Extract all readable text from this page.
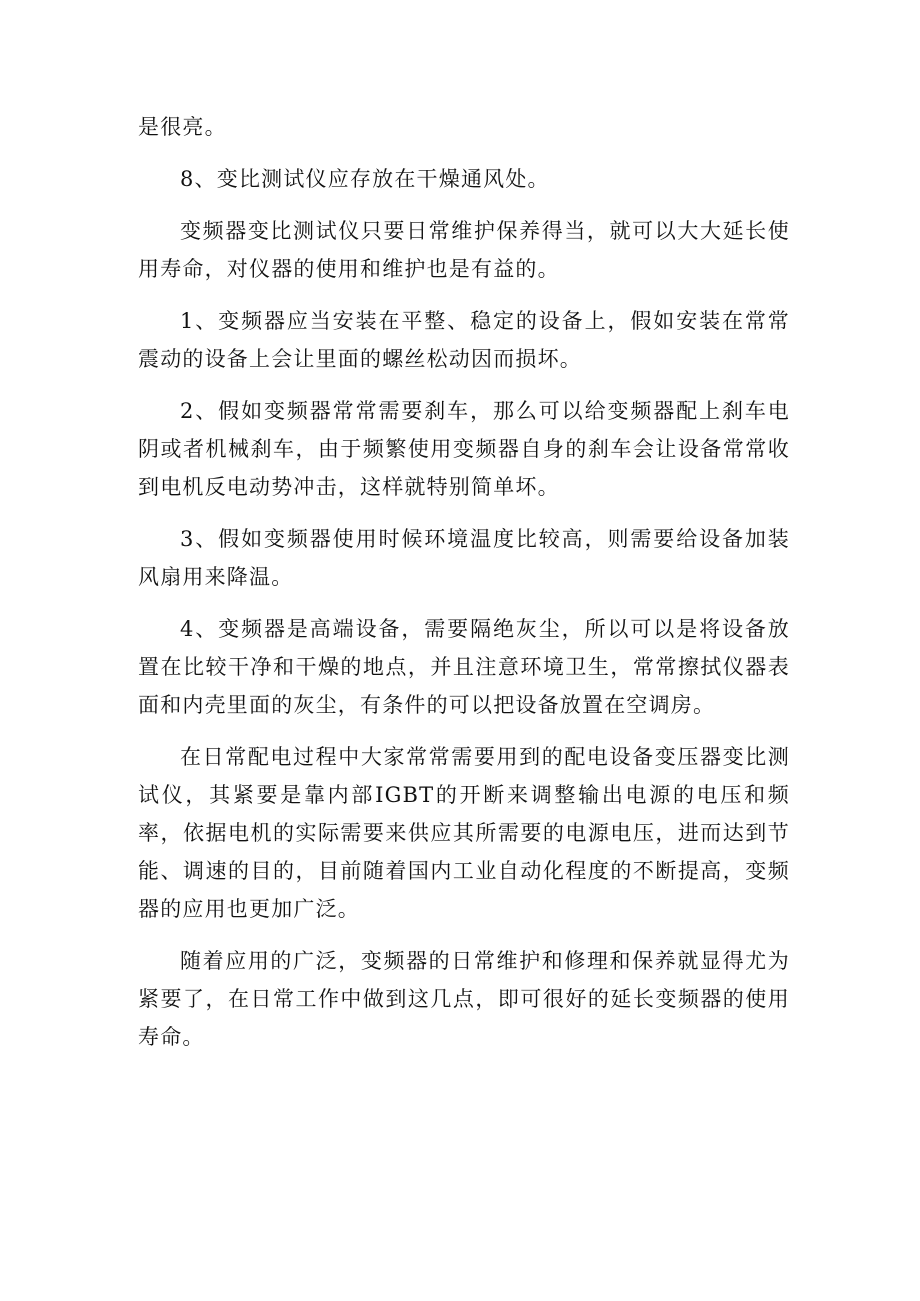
是很亮。

8、变比测试仪应存放在干燥通风处。

变频器变比测试仪只要日常维护保养得当，就可以大大延长使用寿命，对仪器的使用和维护也是有益的。

1、变频器应当安装在平整、稳定的设备上，假如安装在常常震动的设备上会让里面的螺丝松动因而损坏。

2、假如变频器常常需要刹车，那么可以给变频器配上刹车电阴或者机械刹车，由于频繁使用变频器自身的刹车会让设备常常收到电机反电动势冲击，这样就特别简单坏。

3、假如变频器使用时候环境温度比较高，则需要给设备加装风扇用来降温。

4、变频器是高端设备，需要隔绝灰尘，所以可以是将设备放置在比较干净和干燥的地点，并且注意环境卫生，常常擦拭仪器表面和内壳里面的灰尘，有条件的可以把设备放置在空调房。

在日常配电过程中大家常常需要用到的配电设备变压器变比测试仪，其紧要是靠内部IGBT的开断来调整输出电源的电压和频率，依据电机的实际需要来供应其所需要的电源电压，进而达到节能、调速的目的，目前随着国内工业自动化程度的不断提高，变频器的应用也更加广泛。

随着应用的广泛，变频器的日常维护和修理和保养就显得尤为紧要了，在日常工作中做到这几点，即可很好的延长变频器的使用寿命。
